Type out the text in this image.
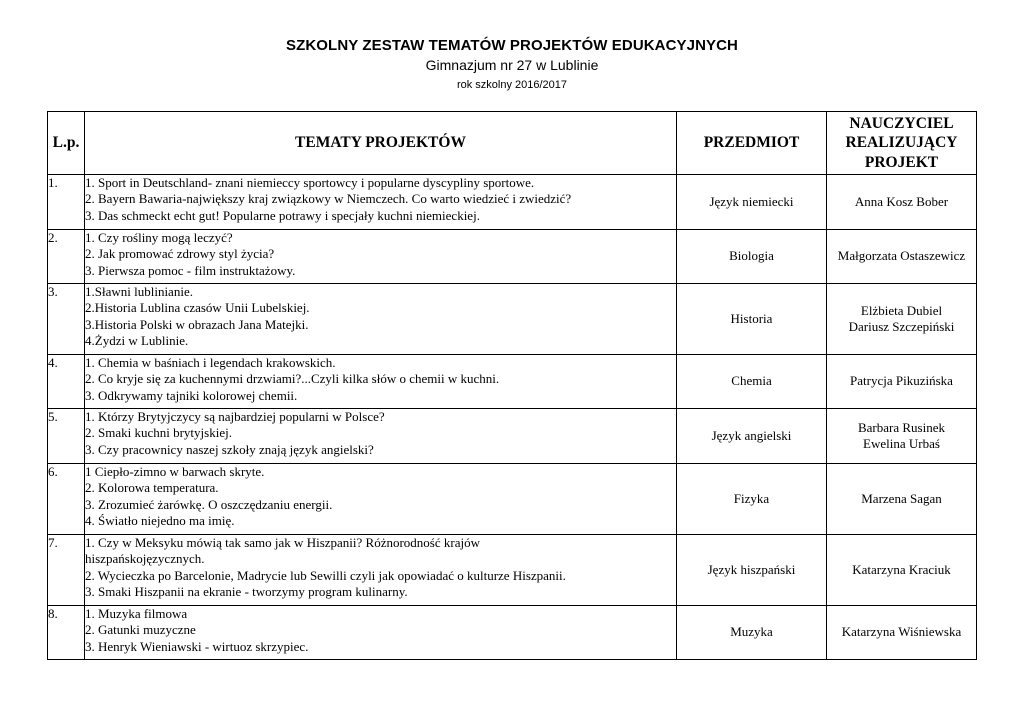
SZKOLNY ZESTAW TEMATÓW PROJEKTÓW EDUKACYJNYCH
Gimnazjum nr 27 w Lublinie
rok szkolny 2016/2017
L.p.	TEMATY PROJEKTÓW	PRZEDMIOT	NAUCZYCIEL
REALIZUJĄCY
PROJEKT

1.	1. Sport in Deutschland- znani niemieccy sportowcy i popularne dyscypliny sportowe.
2. Bayern Bawaria-największy kraj związkowy w Niemczech. Co warto wiedzieć i zwiedzić?
3. Das schmeckt echt gut! Popularne potrawy i specjały kuchni niemieckiej.	Język niemiecki	Anna Kosz Bober

2.	1. Czy rośliny mogą leczyć?
2. Jak promować zdrowy styl życia?
3. Pierwsza pomoc - film instruktażowy.	Biologia	Małgorzata Ostaszewicz

3.	1.Sławni lublinianie.
2.Historia Lublina czasów Unii Lubelskiej.
3.Historia Polski w obrazach Jana Matejki.
4.Żydzi w Lublinie.	Historia	Elżbieta Dubiel
Dariusz Szczepiński

4.	1. Chemia w baśniach i legendach krakowskich.
2. Co kryje się za kuchennymi drzwiami?...Czyli kilka słów o chemii w kuchni.
3. Odkrywamy tajniki kolorowej chemii.	Chemia	Patrycja Pikuzińska

5.	1. Którzy Brytyjczycy są najbardziej popularni w Polsce?
2. Smaki kuchni brytyjskiej.
3. Czy pracownicy naszej szkoły znają język angielski?	Język angielski	Barbara Rusinek
Ewelina Urbaś

6.	1 Ciepło-zimno w barwach skryte.
2. Kolorowa temperatura.
3. Zrozumieć żarówkę. O oszczędzaniu energii.
4. Światło niejedno ma imię.	Fizyka	Marzena Sagan

7.	1. Czy w Meksyku mówią tak samo jak w Hiszpanii? Różnorodność krajów hiszpańskojęzycznych.
2. Wycieczka po Barcelonie, Madrycie lub Sewilli czyli jak opowiadać o kulturze Hiszpanii.
3. Smaki Hiszpanii na ekranie - tworzymy program kulinarny.	Język hiszpański	Katarzyna Kraciuk

8.	1. Muzyka filmowa
2. Gatunki muzyczne
3. Henryk Wieniawski - wirtuoz skrzypiec.	Muzyka	Katarzyna Wiśniewska
